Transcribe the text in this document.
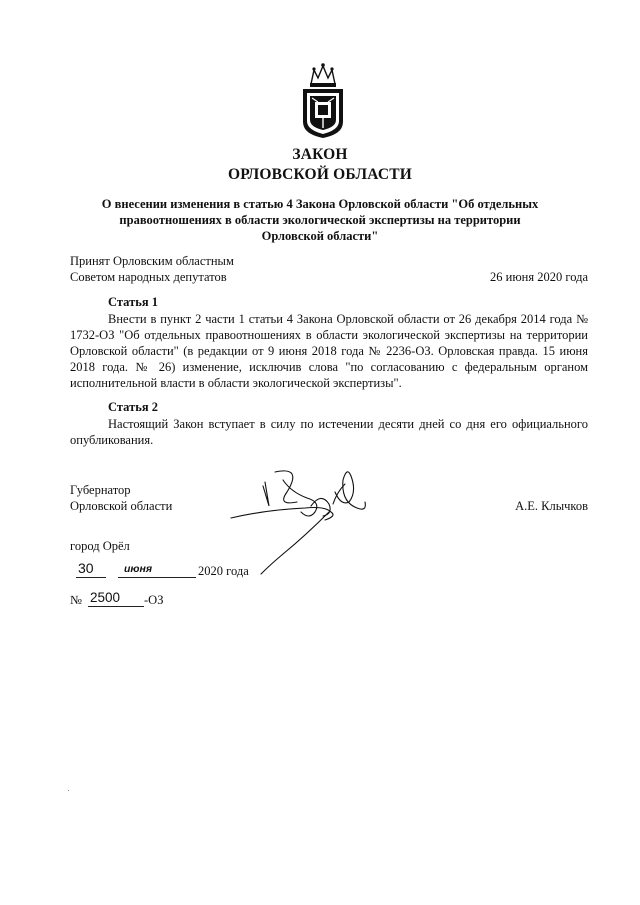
ЗАКОН
ОРЛОВСКОЙ ОБЛАСТИ
О внесении изменения в статью 4 Закона Орловской области "Об отдельных правоотношениях в области экологической экспертизы на территории Орловской области"
Принят Орловским областным
Советом народных депутатов	26 июня 2020 года
Статья 1
Внести в пункт 2 части 1 статьи 4 Закона Орловской области от 26 декабря 2014 года № 1732-ОЗ "Об отдельных правоотношениях в области экологической экспертизы на территории Орловской области" (в редакции от 9 июня 2018 года № 2236-ОЗ. Орловская правда. 15 июня 2018 года. № 26) изменение, исключив слова "по согласованию с федеральным органом исполнительной власти в области экологической экспертизы".
Статья 2
Настоящий Закон вступает в силу по истечении десяти дней со дня его официального опубликования.
Губернатор
Орловской области	А.Е. Клычков
город Орёл
30	июня	2020 года
№ 2500 -ОЗ
